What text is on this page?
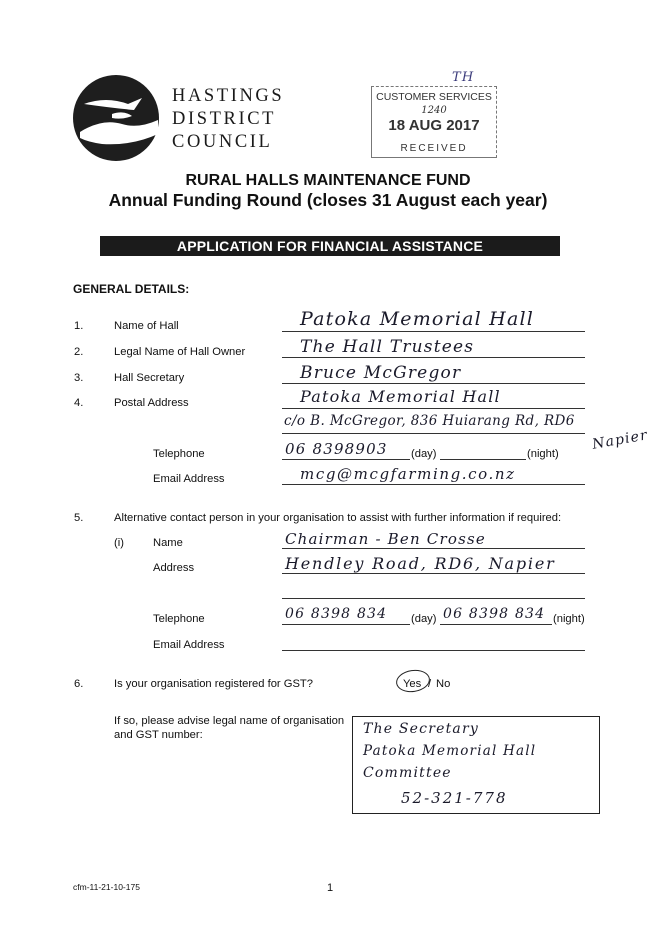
HASTINGS
DISTRICT
COUNCIL
CUSTOMER SERVICES
1240
18 AUG 2017
RECEIVED
TH
RURAL HALLS MAINTENANCE FUND
Annual Funding Round (closes 31 August each year)
APPLICATION FOR FINANCIAL ASSISTANCE
GENERAL DETAILS:
1.	Name of Hall	Patoka Memorial Hall
2.	Legal Name of Hall Owner	The Hall Trustees
3.	Hall Secretary	Bruce McGregor
4.	Postal Address	Patoka Memorial Hall
c/o B. McGregor, 836 Huiarang Rd, RD6
Napier
Telephone	06 8398903 (day)	(night)
Email Address	mcg@mcgfarming.co.nz
5.	Alternative contact person in your organisation to assist with further information if required:
(i)	Name	Chairman - Ben Crosse
Address	Hendley Road, RD6, Napier
Telephone	06 8398 834 (day) 06 8398 834 (night)
Email Address
6.	Is your organisation registered for GST?	Yes / No
If so, please advise legal name of organisation
and GST number:	The Secretary
Patoka Memorial Hall
Committee
52-321-778
cfm-11-21-10-175	1
